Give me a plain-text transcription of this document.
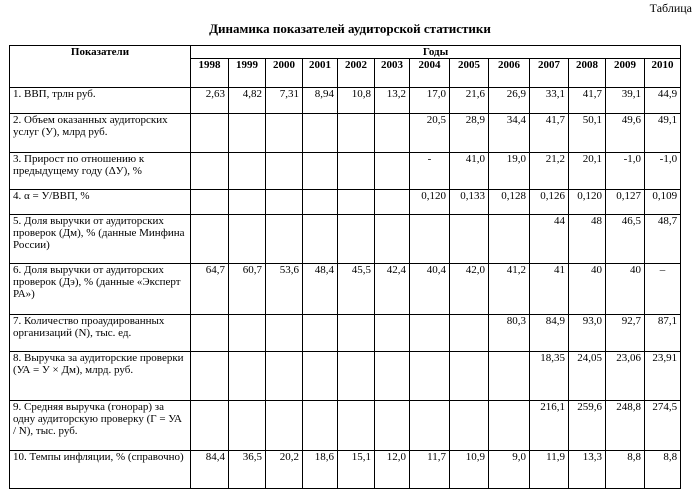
Таблица
Динамика показателей аудиторской статистики
Показатели	Годы												
	1998	1999	2000	2001	2002	2003	2004	2005	2006	2007	2008	2009	2010
1. ВВП, трлн руб.	2,63	4,82	7,31	8,94	10,8	13,2	17,0	21,6	26,9	33,1	41,7	39,1	44,9
2. Объем оказанных аудиторских услуг (У), млрд руб.							20,5	28,9	34,4	41,7	50,1	49,6	49,1
3. Прирост по отношению к предыдущему году (ΔУ), %							-	41,0	19,0	21,2	20,1	-1,0	-1,0
4. α = У/ВВП, %							0,120	0,133	0,128	0,126	0,120	0,127	0,109
5. Доля выручки от аудиторских проверок (Дм), % (данные Минфина России)										44	48	46,5	48,7
6. Доля выручки от аудиторских проверок (Дэ), % (данные «Эксперт РА»)	64,7	60,7	53,6	48,4	45,5	42,4	40,4	42,0	41,2	41	40	40	–
7. Количество проаудированных организаций (N), тыс. ед.									80,3	84,9	93,0	92,7	87,1
8. Выручка за аудиторские проверки (УА = У × Дм), млрд. руб.										18,35	24,05	23,06	23,91
9. Средняя выручка (гонорар) за одну аудиторскую проверку (Г = УА / N), тыс. руб.										216,1	259,6	248,8	274,5
10. Темпы инфляции, % (справочно)	84,4	36,5	20,2	18,6	15,1	12,0	11,7	10,9	9,0	11,9	13,3	8,8	8,8
